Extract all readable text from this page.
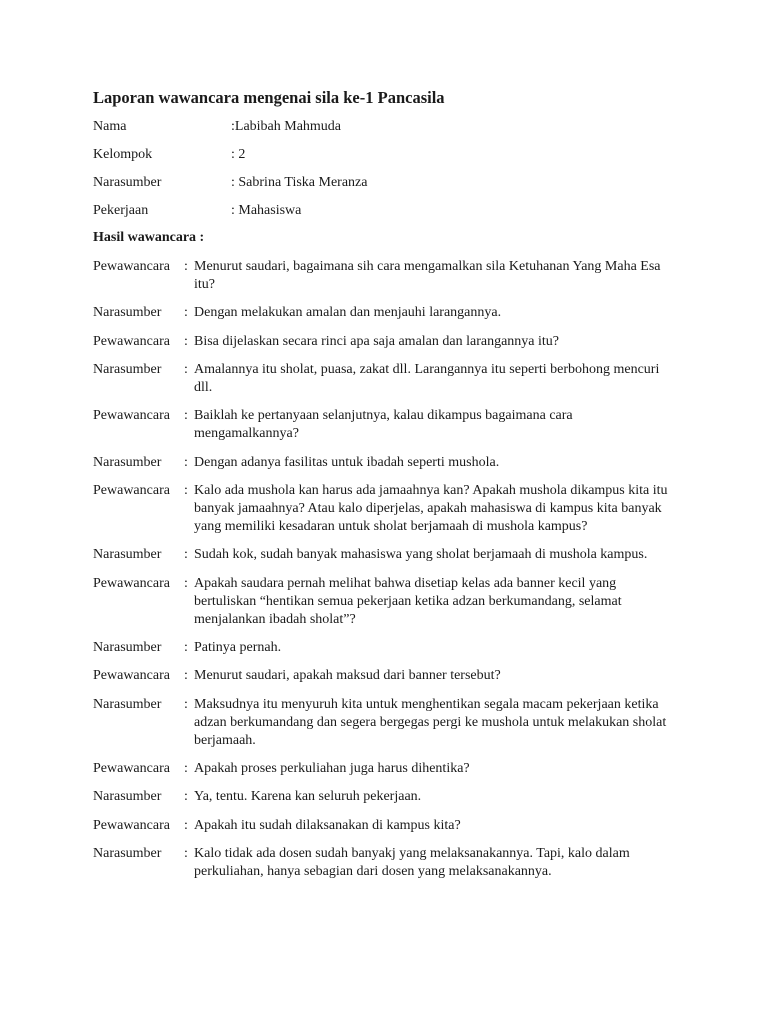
Laporan wawancara mengenai sila ke-1 Pancasila
Nama	:Labibah Mahmuda
Kelompok	: 2
Narasumber	: Sabrina Tiska Meranza
Pekerjaan	: Mahasiswa
Hasil wawancara :
Pewawancara	: Menurut saudari, bagaimana sih cara mengamalkan sila Ketuhanan Yang Maha Esa itu?
Narasumber	: Dengan melakukan amalan dan menjauhi larangannya.
Pewawancara	: Bisa dijelaskan secara rinci apa saja amalan dan larangannya itu?
Narasumber	: Amalannya itu sholat, puasa, zakat dll. Larangannya itu seperti berbohong mencuri dll.
Pewawancara	: Baiklah ke pertanyaan selanjutnya, kalau dikampus bagaimana cara mengamalkannya?
Narasumber	: Dengan adanya fasilitas untuk ibadah seperti mushola.
Pewawancara	: Kalo ada mushola kan harus ada jamaahnya kan? Apakah mushola dikampus kita itu banyak jamaahnya? Atau kalo diperjelas, apakah mahasiswa di kampus kita banyak yang memiliki kesadaran untuk sholat berjamaah di mushola kampus?
Narasumber	: Sudah kok, sudah banyak mahasiswa yang sholat berjamaah di mushola kampus.
Pewawancara	: Apakah saudara pernah melihat bahwa disetiap kelas ada banner kecil yang bertuliskan “hentikan semua pekerjaan ketika adzan berkumandang, selamat menjalankan ibadah sholat”?
Narasumber	: Patinya pernah.
Pewawancara	: Menurut saudari, apakah maksud dari banner tersebut?
Narasumber	: Maksudnya itu menyuruh kita untuk menghentikan segala macam pekerjaan ketika adzan berkumandang dan segera bergegas pergi ke mushola untuk melakukan sholat berjamaah.
Pewawancara	: Apakah proses perkuliahan juga harus dihentika?
Narasumber	: Ya, tentu. Karena kan seluruh pekerjaan.
Pewawancara	: Apakah itu sudah dilaksanakan di kampus kita?
Narasumber	: Kalo tidak ada dosen sudah banyakj yang melaksanakannya. Tapi, kalo dalam perkuliahan, hanya sebagian dari dosen yang melaksanakannya.
